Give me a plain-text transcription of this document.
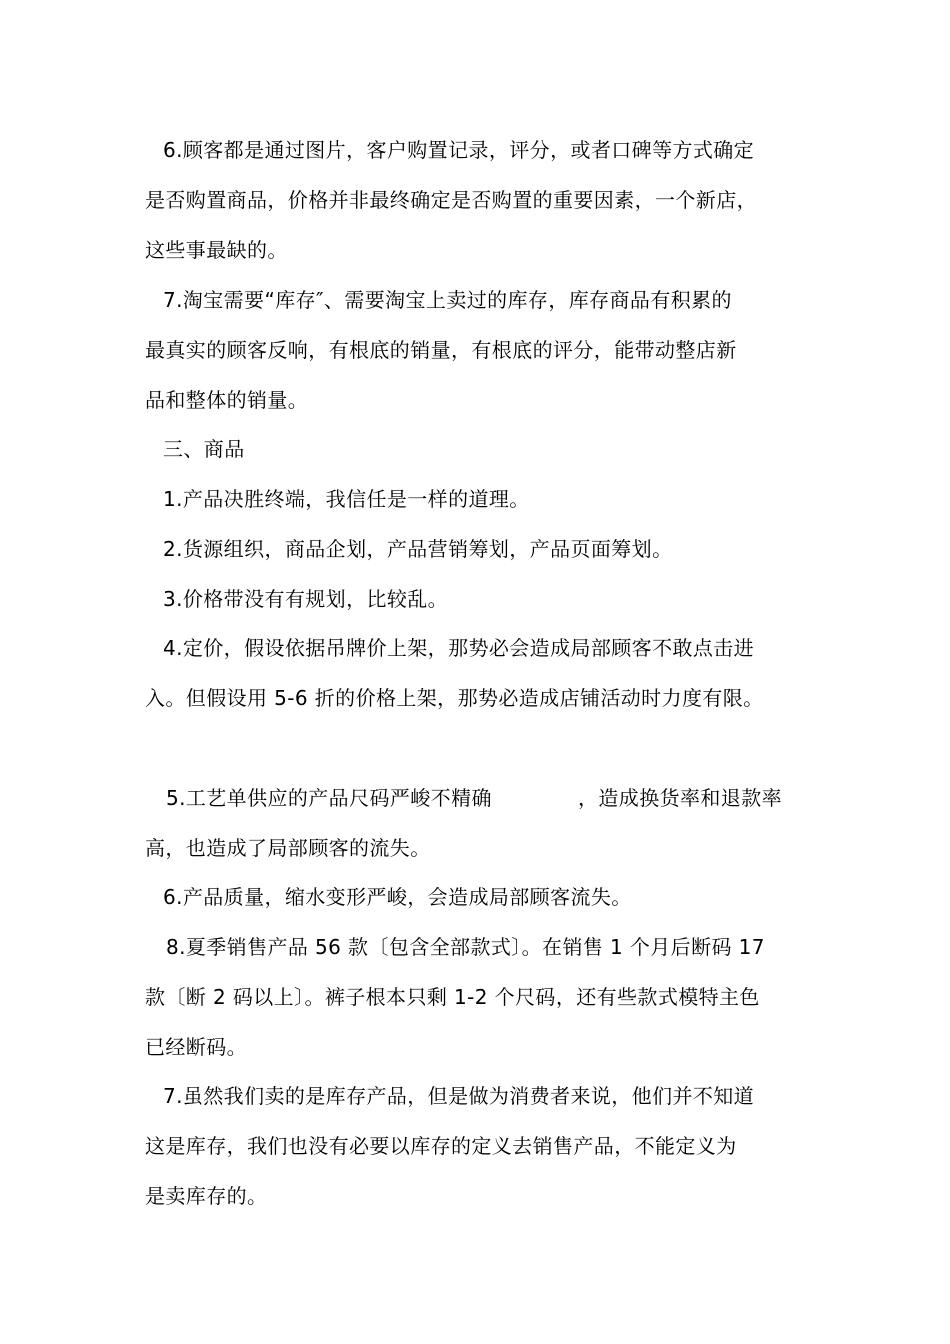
6.顾客都是通过图片，客户购置记录，评分，或者口碑等方式确定
是否购置商品，价格并非最终确定是否购置的重要因素，一个新店，
这些事最缺的。
7.淘宝需要“库存″、需要淘宝上卖过的库存，库存商品有积累的
最真实的顾客反响，有根底的销量，有根底的评分，能带动整店新
品和整体的销量。
三、商品
1.产品决胜终端，我信任是一样的道理。
2.货源组织，商品企划，产品营销筹划，产品页面筹划。
3.价格带没有有规划，比较乱。
4.定价，假设依据吊牌价上架，那势必会造成局部顾客不敢点击进
入。但假设用 5-6 折的价格上架，那势必造成店铺活动时力度有限。
5.工艺单供应的产品尺码严峻不精确	，造成换货率和退款率
高，也造成了局部顾客的流失。
6.产品质量，缩水变形严峻，会造成局部顾客流失。
8.夏季销售产品 56 款〔包含全部款式〕。在销售 1 个月后断码 17
款〔断 2 码以上〕。裤子根本只剩 1-2 个尺码，还有些款式模特主色
已经断码。
7.虽然我们卖的是库存产品，但是做为消费者来说，他们并不知道
这是库存，我们也没有必要以库存的定义去销售产品，不能定义为
是卖库存的。
